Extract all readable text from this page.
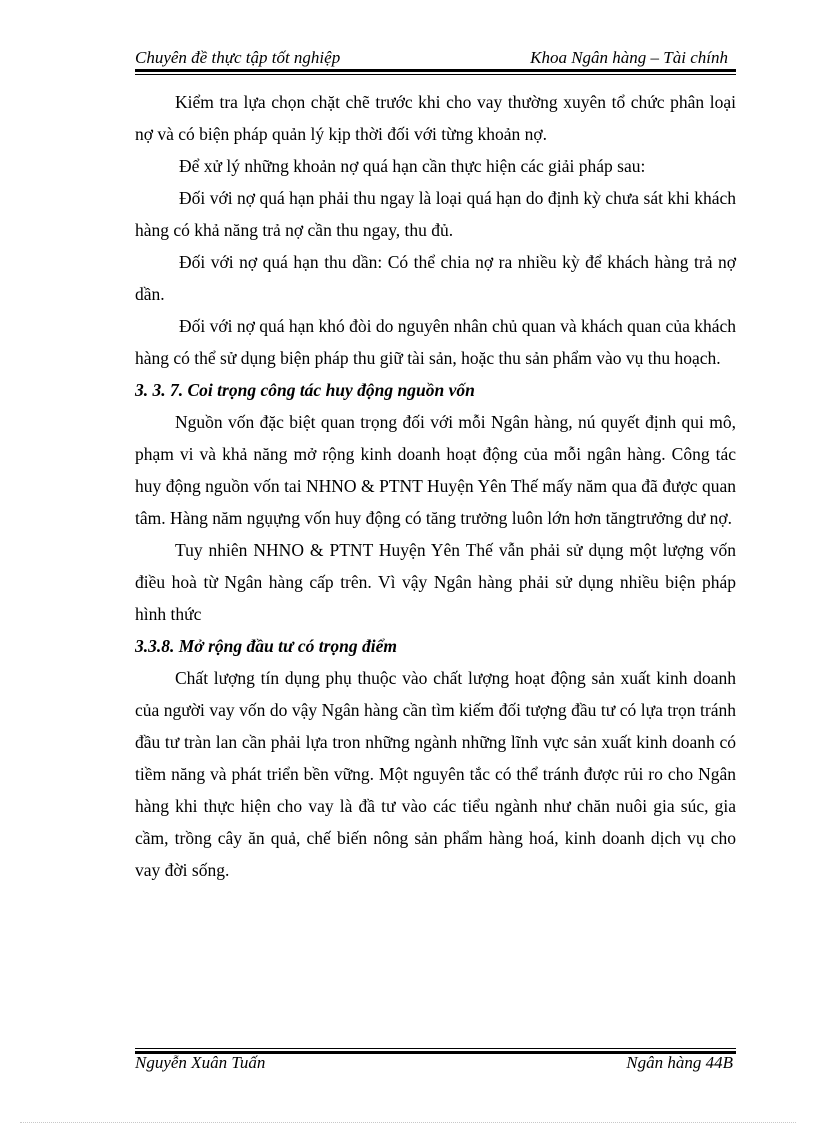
Chuyên đề thực tập tốt nghiệp	Khoa Ngân hàng – Tài chính

Kiểm tra lựa chọn chặt chẽ trước khi cho vay thường xuyên tổ chức phân loại nợ và có biện pháp quản lý kịp thời đối với từng khoản nợ.

Để xử lý những khoản nợ quá hạn cần thực hiện các giải pháp sau:

Đối với nợ quá hạn phải thu ngay là loại quá hạn do định kỳ chưa sát khi khách hàng có khả năng trả nợ cần thu ngay, thu đủ.

Đối với nợ quá hạn thu dần: Có thể chia nợ ra nhiều kỳ để khách hàng trả nợ dần.

Đối với nợ quá hạn khó đòi do nguyên nhân chủ quan và khách quan của khách hàng có thể sử dụng biện pháp thu giữ tài sản, hoặc thu sản phẩm vào vụ thu hoạch.

3. 3. 7. Coi trọng công tác huy động nguồn vốn

Nguồn vốn đặc biệt quan trọng đối với mỗi Ngân hàng, nú quyết định qui mô, phạm vi và khả năng mở rộng kinh doanh hoạt động của mỗi ngân hàng. Công tác huy động nguồn vốn tai NHNO & PTNT Huyện Yên Thế mấy năm qua đã được quan tâm. Hàng năm ngụựng vốn huy động có tăng trưởng luôn lớn hơn tăngtrưởng dư nợ.

Tuy nhiên NHNO & PTNT Huyện Yên Thế vẫn phải sử dụng một lượng vốn điều hoà từ Ngân hàng cấp trên. Vì vậy Ngân hàng phải sử dụng nhiều biện pháp hình thức

3.3.8. Mở rộng đầu tư có trọng điểm

Chất lượng tín dụng phụ thuộc vào chất lượng hoạt động sản xuất kinh doanh của người vay vốn do vậy Ngân hàng cần tìm kiếm đối tượng đầu tư có lựa trọn tránh đầu tư tràn lan cần phải lựa tron những ngành những lĩnh vực sản xuất kinh doanh có tiềm năng và phát triển bền vững. Một nguyên tắc có thể tránh được rủi ro cho Ngân hàng khi thực hiện cho vay là đầ tư vào các tiểu ngành như chăn nuôi gia súc, gia cầm, trồng cây ăn quả, chế biến nông sản phẩm hàng hoá, kinh doanh dịch vụ cho vay đời sống.

Nguyễn Xuân Tuấn	Ngân hàng 44B
